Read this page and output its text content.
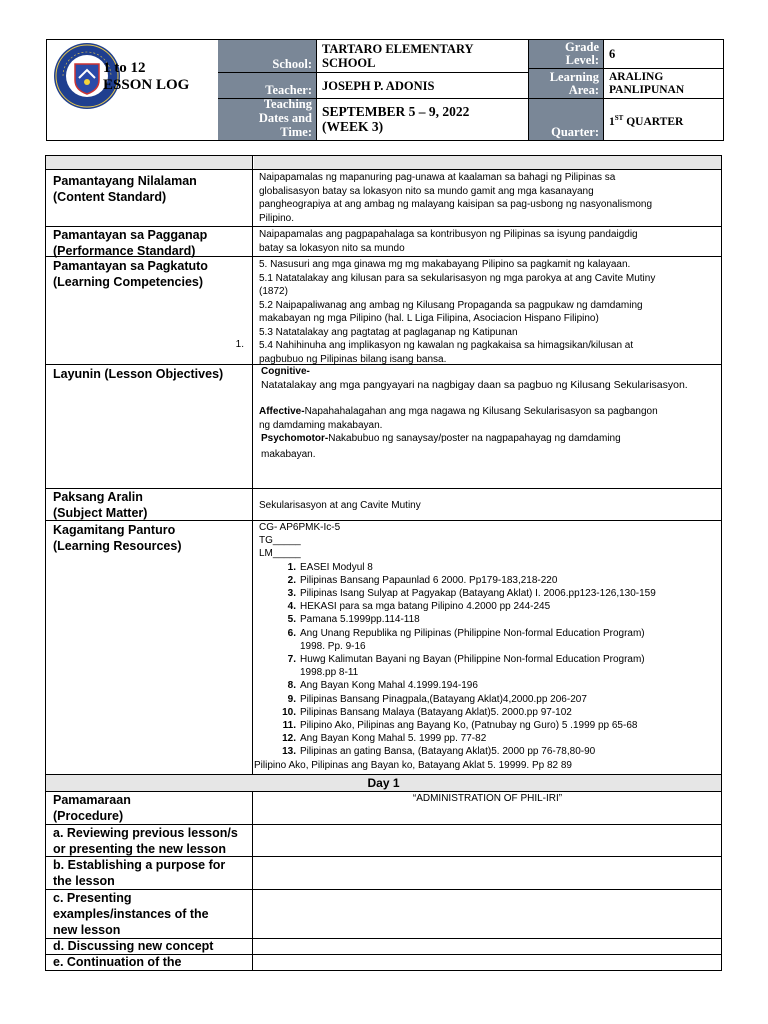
1 to 12
ESSON LOG
School:
Teacher:
Teaching
Dates and
Time:
TARTARO ELEMENTARY
SCHOOL
JOSEPH P. ADONIS
SEPTEMBER 5 – 9, 2022
(WEEK 3)
Grade
Level:
Learning
Area:
Quarter:
6
ARALING
PANLIPUNAN
1ST QUARTER
Pamantayang Nilalaman
(Content Standard)
Naipapamalas ng mapanuring pag-unawa at kaalaman sa bahagi ng Pilipinas sa
globalisasyon batay sa lokasyon nito sa mundo gamit ang mga kasanayang
pangheograpiya at ang ambag ng malayang kaisipan sa pag-usbong ng nasyonalismong
Pilipino.
Pamantayan sa Pagganap
(Performance Standard)
Naipapamalas ang pagpapahalaga sa kontribusyon ng Pilipinas sa isyung pandaigdig
batay sa lokasyon nito sa mundo
Pamantayan sa Pagkatuto
(Learning Competencies)
1.
5. Nasusuri ang mga ginawa mg mg makabayang Pilipino sa pagkamit ng kalayaan.
5.1 Natatalakay ang kilusan para sa sekularisasyon ng mga parokya at ang Cavite Mutiny
(1872)
5.2 Naipapaliwanag ang ambag ng Kilusang Propaganda sa pagpukaw ng damdaming
makabayan ng mga Pilipino (hal. L Liga Filipina, Asociacion Hispano Filipino)
5.3 Natatalakay ang pagtatag at paglaganap ng Katipunan
5.4 Nahihinuha ang implikasyon ng kawalan ng pagkakaisa sa himagsikan/kilusan at
pagbubuo ng Pilipinas bilang isang bansa.
Layunin (Lesson Objectives)	Cognitive-
Natatalakay ang mga pangyayari na nagbigay daan sa pagbuo ng Kilusang Sekularisasyon.
Affective-Napahahalagahan ang mga nagawa ng Kilusang Sekularisasyon sa pagbangon
ng damdaming makabayan.
Psychomotor-Nakabubuo ng sanaysay/poster na nagpapahayag ng damdaming
makabayan.
Paksang Aralin
(Subject Matter)
Sekularisasyon at ang Cavite Mutiny
Kagamitang Panturo
(Learning Resources)
CG- AP6PMK-Ic-5
TG_____
LM_____
1. EASEI Modyul 8
2. Pilipinas Bansang Papaunlad 6 2000. Pp179-183,218-220
3. Pilipinas Isang Sulyap at Pagyakap (Batayang Aklat) I. 2006.pp123-126,130-159
4. HEKASI para sa mga batang Pilipino 4.2000 pp 244-245
5. Pamana 5.1999pp.114-118
6. Ang Unang Republika ng Pilipinas (Philippine Non-formal Education Program)
1998. Pp. 9-16
7. Huwg Kalimutan Bayani ng Bayan (Philippine Non-formal Education Program)
1998.pp 8-11
8. Ang Bayan Kong Mahal 4.1999.194-196
9. Pilipinas Bansang Pinagpala,(Batayang Aklat)4,2000.pp 206-207
10. Pilipinas Bansang Malaya (Batayang Aklat)5. 2000.pp 97-102
11. Pilipino Ako, Pilipinas ang Bayang Ko, (Patnubay ng Guro) 5 .1999 pp 65-68
12. Ang Bayan Kong Mahal 5. 1999 pp. 77-82
13. Pilipinas an gating Bansa, (Batayang Aklat)5. 2000 pp 76-78,80-90
Pilipino Ako, Pilipinas ang Bayan ko, Batayang Aklat 5. 19999. Pp 82 89
Day 1
Pamamaraan
(Procedure)
“ADMINISTRATION OF PHIL-IRI”
a. Reviewing previous lesson/s
or presenting the new lesson
b. Establishing a purpose for
the lesson
c. Presenting
examples/instances of the
new lesson
d. Discussing new concept
e. Continuation of the
